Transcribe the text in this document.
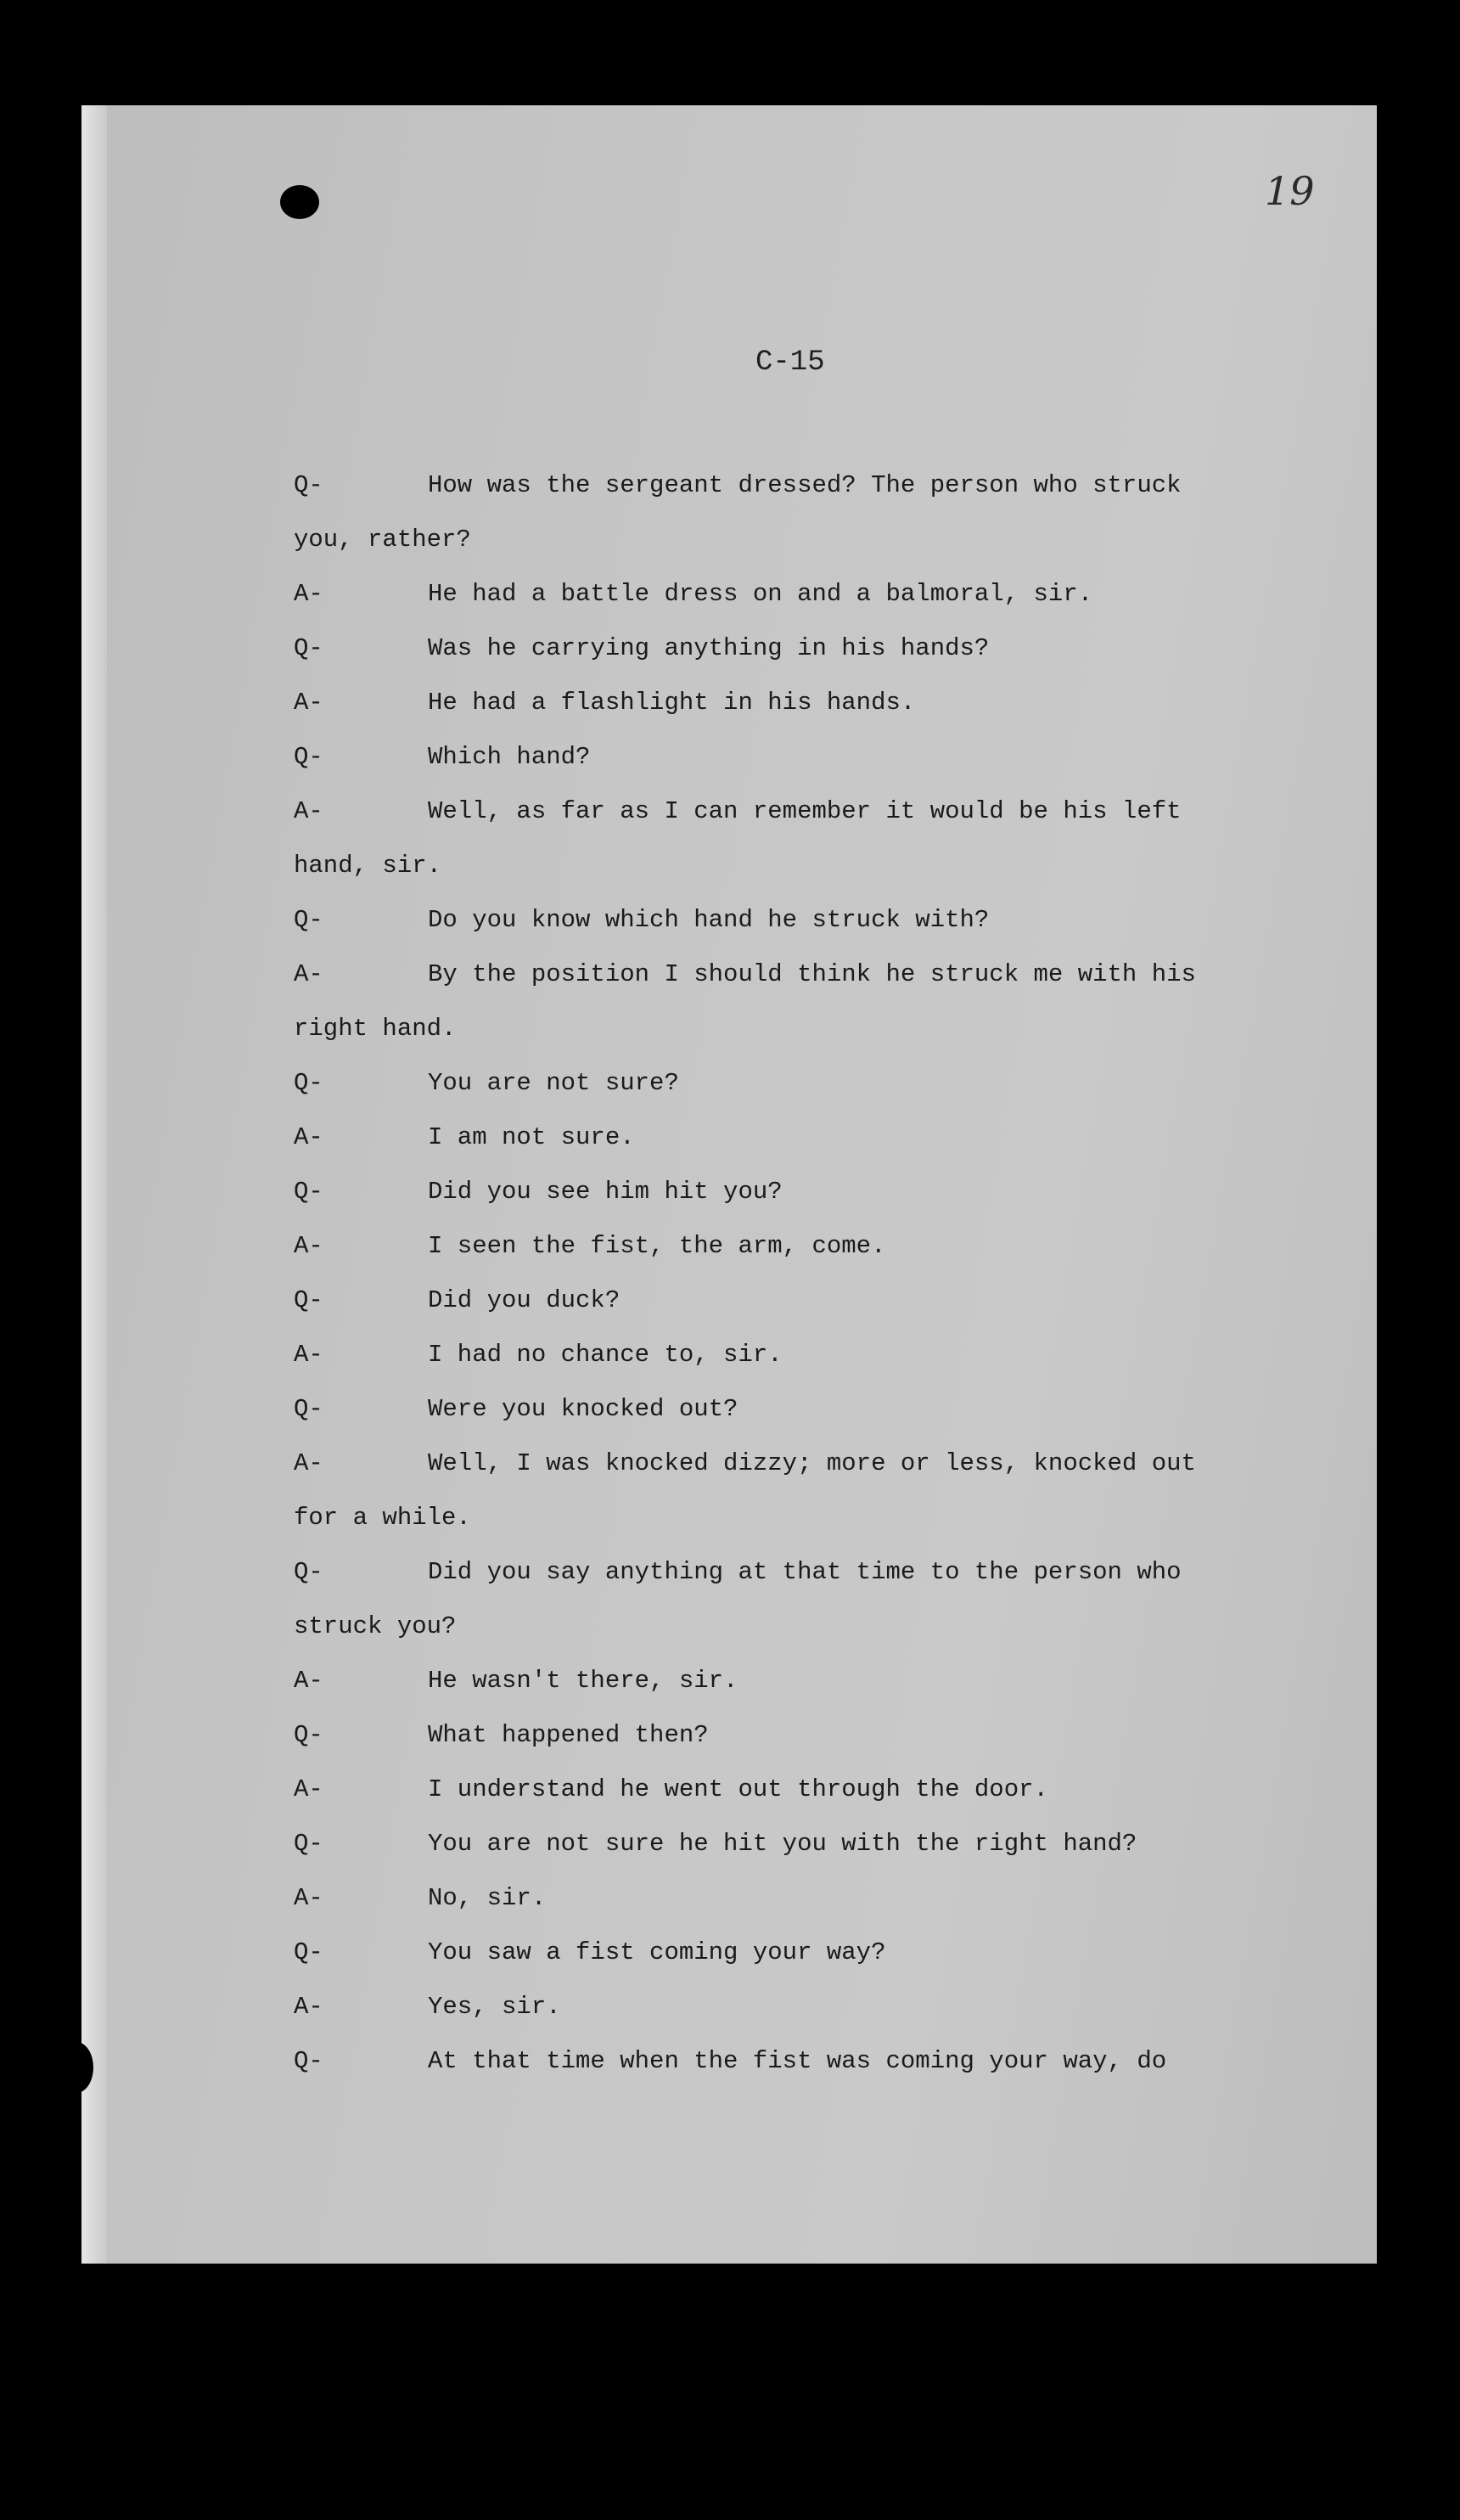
19
C-15
Q-	How was the sergeant dressed? The person who struck
you, rather?
A-	He had a battle dress on and a balmoral, sir.
Q-	Was he carrying anything in his hands?
A-	He had a flashlight in his hands.
Q-	Which hand?
A-	Well, as far as I can remember it would be his left
hand, sir.
Q-	Do you know which hand he struck with?
A-	By the position I should think he struck me with his
right hand.
Q-	You are not sure?
A-	I am not sure.
Q-	Did you see him hit you?
A-	I seen the fist, the arm, come.
Q-	Did you duck?
A-	I had no chance to, sir.
Q-	Were you knocked out?
A-	Well, I was knocked dizzy; more or less, knocked out
for a while.
Q-	Did you say anything at that time to the person who
struck you?
A-	He wasn't there, sir.
Q-	What happened then?
A-	I understand he went out through the door.
Q-	You are not sure he hit you with the right hand?
A-	No, sir.
Q-	You saw a fist coming your way?
A-	Yes, sir.
Q-	At that time when the fist was coming your way, do
